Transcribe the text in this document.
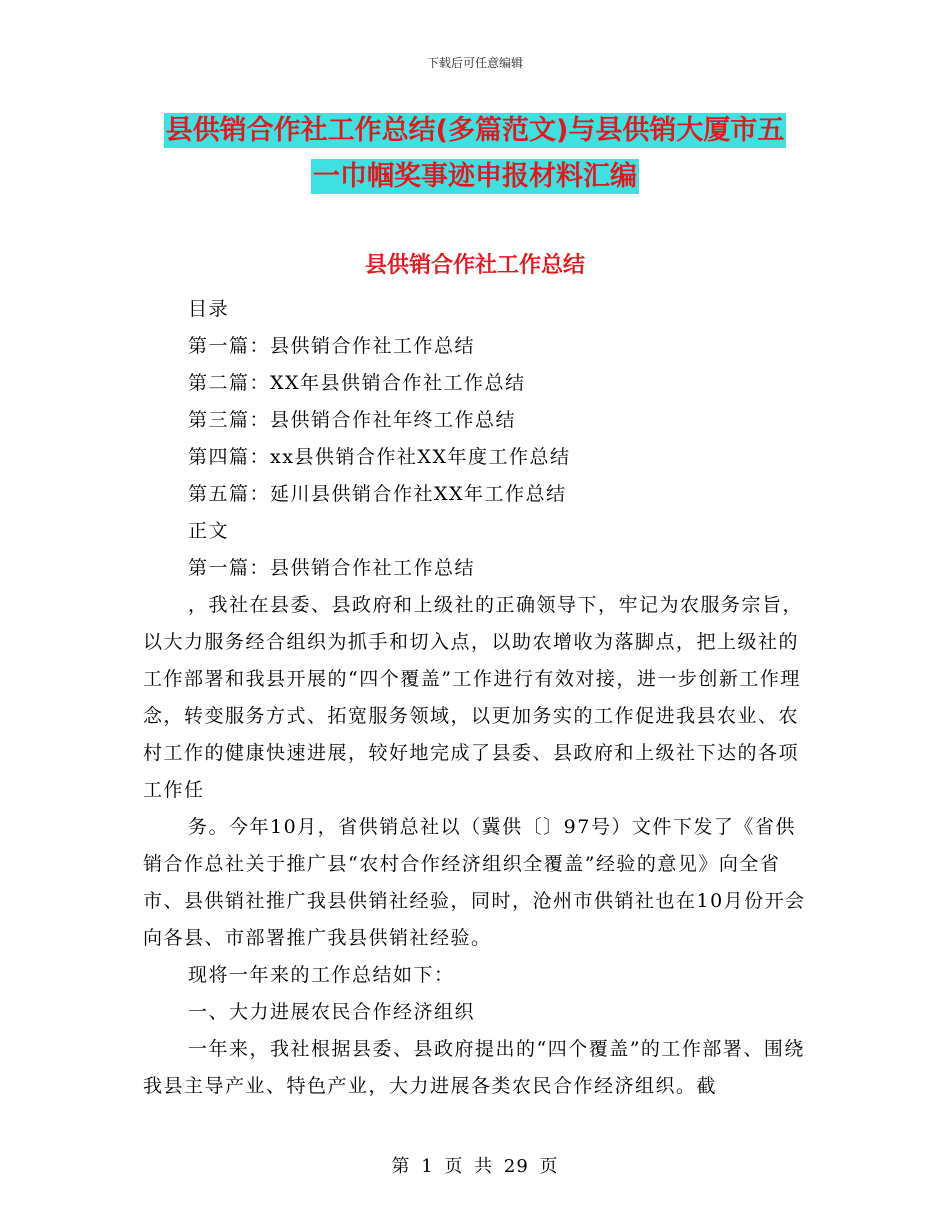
下载后可任意编辑
县供销合作社工作总结(多篇范文)与县供销大厦市五
一巾帼奖事迹申报材料汇编
县供销合作社工作总结

目录

第一篇：县供销合作社工作总结

第二篇：XX年县供销合作社工作总结

第三篇：县供销合作社年终工作总结

第四篇：xx县供销合作社XX年度工作总结

第五篇：延川县供销合作社XX年工作总结

正文

第一篇：县供销合作社工作总结

，我社在县委、县政府和上级社的正确领导下，牢记为农服务宗旨，以大力服务经合组织为抓手和切入点，以助农增收为落脚点，把上级社的工作部署和我县开展的“四个覆盖”工作进行有效对接，进一步创新工作理念，转变服务方式、拓宽服务领域，以更加务实的工作促进我县农业、农村工作的健康快速进展，较好地完成了县委、县政府和上级社下达的各项工作任

务。今年10月，省供销总社以（冀供〔〕97号）文件下发了《省供销合作总社关于推广县“农村合作经济组织全覆盖”经验的意见》向全省市、县供销社推广我县供销社经验，同时，沧州市供销社也在10月份开会向各县、市部署推广我县供销社经验。

现将一年来的工作总结如下：

一、大力进展农民合作经济组织

一年来，我社根据县委、县政府提出的“四个覆盖”的工作部署、围绕我县主导产业、特色产业，大力进展各类农民合作经济组织。截

第 1 页 共 29 页
